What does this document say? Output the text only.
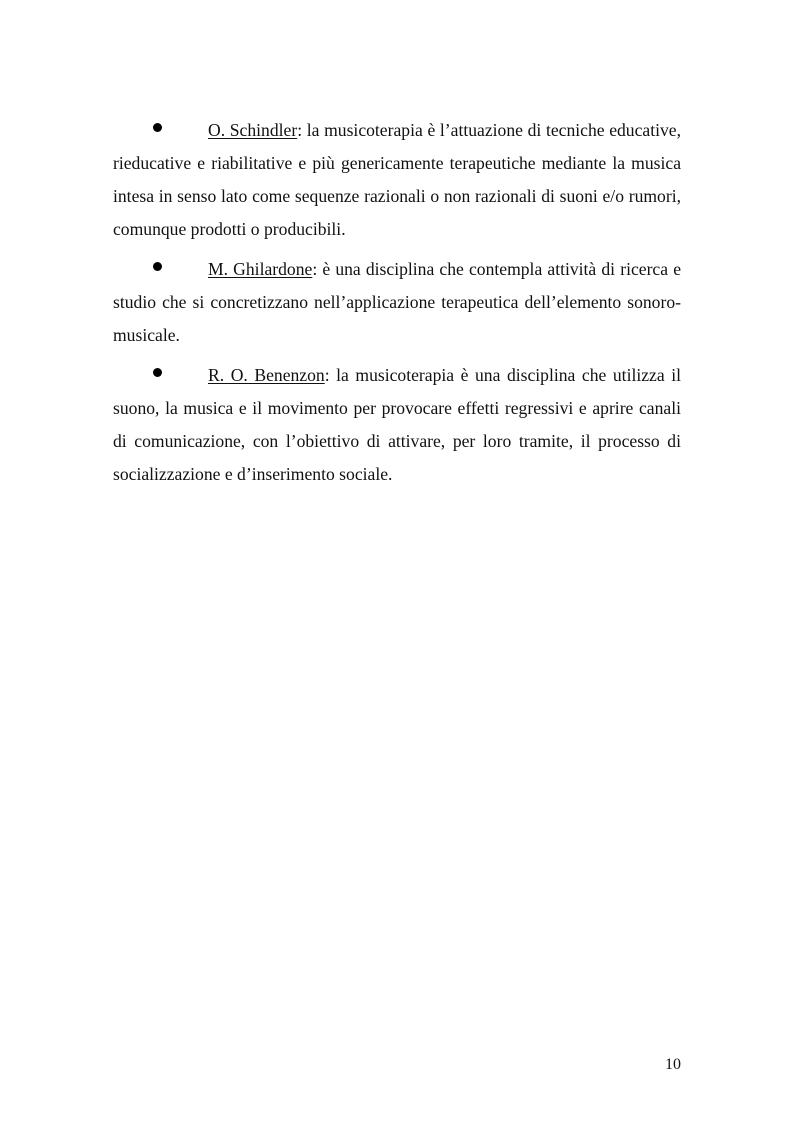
O. Schindler: la musicoterapia è l’attuazione di tecniche educative, rieducative e riabilitative e più genericamente terapeutiche mediante la musica intesa in senso lato come sequenze razionali o non razionali di suoni e/o rumori, comunque prodotti o producibili.

M. Ghilardone: è una disciplina che contempla attività di ricerca e studio che si concretizzano nell’applicazione terapeutica dell’elemento sonoro-musicale.

R. O. Benenzon: la musicoterapia è una disciplina che utilizza il suono, la musica e il movimento per provocare effetti regressivi e aprire canali di comunicazione, con l’obiettivo di attivare, per loro tramite, il processo di socializzazione e d’inserimento sociale.

10
